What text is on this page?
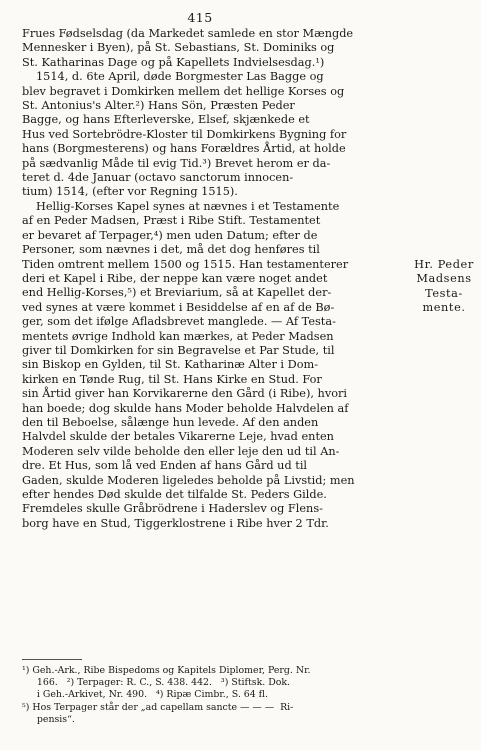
415
Frues Fødselsdag (da Markedet samlede en stor Mængde
Mennesker i Byen), på St. Sebastians, St. Dominiks og
St. Katharinas Dage og på Kapellets Indvielsesdag.¹)
1514, d. 6te April, døde Borgmester Las Bagge og
blev begravet i Domkirken mellem det hellige Korses og
St. Antonius's Alter.²) Hans Sön, Præsten Peder
Bagge, og hans Efterleverske, Elsef, skjænkede et
Hus ved Sortebrödre-Kloster til Domkirkens Bygning for
hans (Borgmesterens) og hans Forældres Årtid, at holde
på sædvanlig Måde til evig Tid.³) Brevet herom er da-
teret d. 4de Januar (octavo sanctorum innocen-
tium) 1514, (efter vor Regning 1515).
Hellig-Korses Kapel synes at nævnes i et Testamente
af en Peder Madsen, Præst i Ribe Stift. Testamentet
er bevaret af Terpager,⁴) men uden Datum; efter de
Personer, som nævnes i det, må det dog henføres til
Tiden omtrent mellem 1500 og 1515. Han testamenterer
deri et Kapel i Ribe, der neppe kan være noget andet
end Hellig-Korses,⁵) et Breviarium, så at Kapellet der-
ved synes at være kommet i Besiddelse af en af de Bø-
ger, som det ifølge Afladsbrevet manglede. — Af Testa-
mentets øvrige Indhold kan mærkes, at Peder Madsen
giver til Domkirken for sin Begravelse et Par Stude, til
sin Biskop en Gylden, til St. Katharinæ Alter i Dom-
kirken en Tønde Rug, til St. Hans Kirke en Stud. For
sin Årtid giver han Korvikarerne den Gård (i Ribe), hvori
han boede; dog skulde hans Moder beholde Halvdelen af
den til Beboelse, sålænge hun levede. Af den anden
Halvdel skulde der betales Vikarerne Leje, hvad enten
Moderen selv vilde beholde den eller leje den ud til An-
dre. Et Hus, som lå ved Enden af hans Gård ud til
Gaden, skulde Moderen ligeledes beholde på Livstid; men
efter hendes Død skulde det tilfalde St. Peders Gilde.
Fremdeles skulle Gråbrödrene i Haderslev og Flens-
borg have en Stud, Tiggerklostrene i Ribe hver 2 Tdr.
Hr. Peder
Madsens
Testa-
mente.
¹) Geh.-Ark., Ribe Bispedoms og Kapitels Diplomer, Perg. Nr.
166.   ²) Terpager: R. C., S. 438. 442.   ³) Stiftsk. Dok.
i Geh.-Arkivet, Nr. 490.   ⁴) Ripæ Cimbr., S. 64 fl.
⁵) Hos Terpager står der „ad capellam sancte — — —  Ri-
pensis“.
